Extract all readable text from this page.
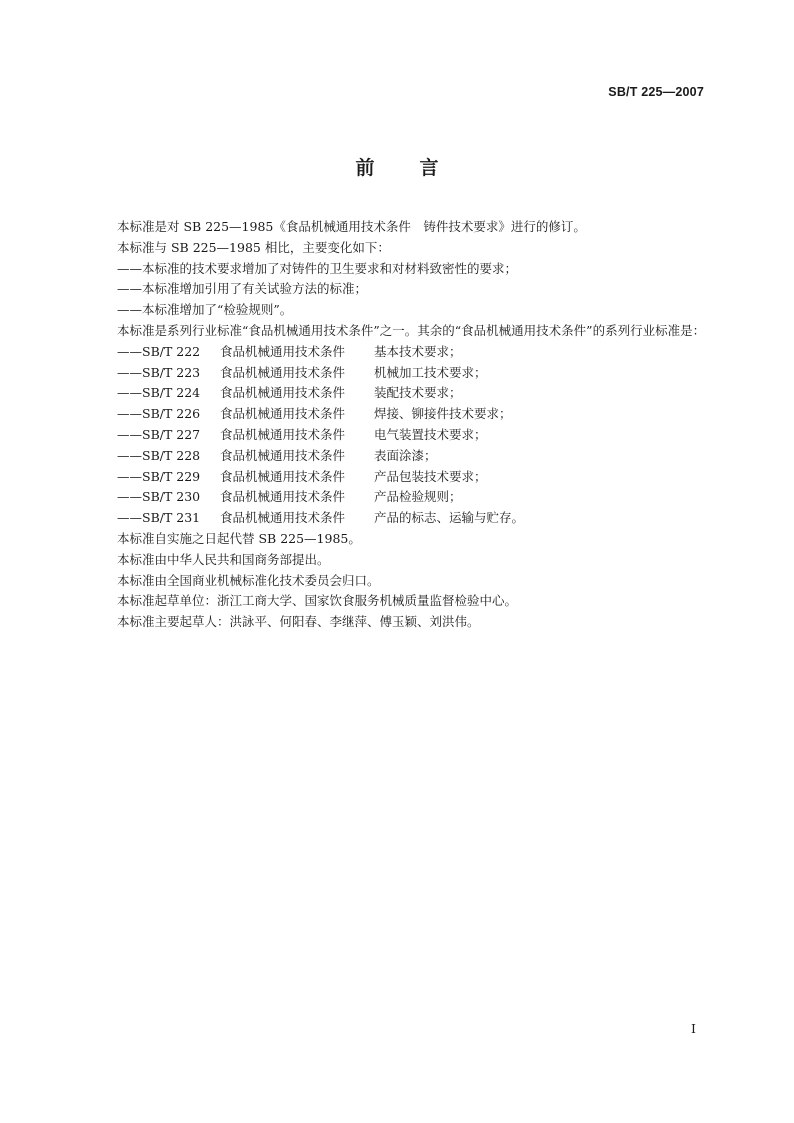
SB/T 225—2007
前 言

本标准是对 SB 225—1985《食品机械通用技术条件　铸件技术要求》进行的修订。

本标准与 SB 225—1985 相比，主要变化如下：

——本标准的技术要求增加了对铸件的卫生要求和对材料致密性的要求；

——本标准增加引用了有关试验方法的标准；

——本标准增加了“检验规则”。

本标准是系列行业标准“食品机械通用技术条件”之一。其余的“食品机械通用技术条件”的系列行业标准是：

——SB/T 222	食品机械通用技术条件	基本技术要求；
——SB/T 223	食品机械通用技术条件	机械加工技术要求；
——SB/T 224	食品机械通用技术条件	装配技术要求；
——SB/T 226	食品机械通用技术条件	焊接、铆接件技术要求；
——SB/T 227	食品机械通用技术条件	电气装置技术要求；
——SB/T 228	食品机械通用技术条件	表面涂漆；
——SB/T 229	食品机械通用技术条件	产品包装技术要求；
——SB/T 230	食品机械通用技术条件	产品检验规则；
——SB/T 231	食品机械通用技术条件	产品的标志、运输与贮存。

本标准自实施之日起代替 SB 225—1985。

本标准由中华人民共和国商务部提出。

本标准由全国商业机械标准化技术委员会归口。

本标准起草单位：浙江工商大学、国家饮食服务机械质量监督检验中心。

本标准主要起草人：洪詠平、何阳春、李继萍、傅玉颖、刘洪伟。

I
